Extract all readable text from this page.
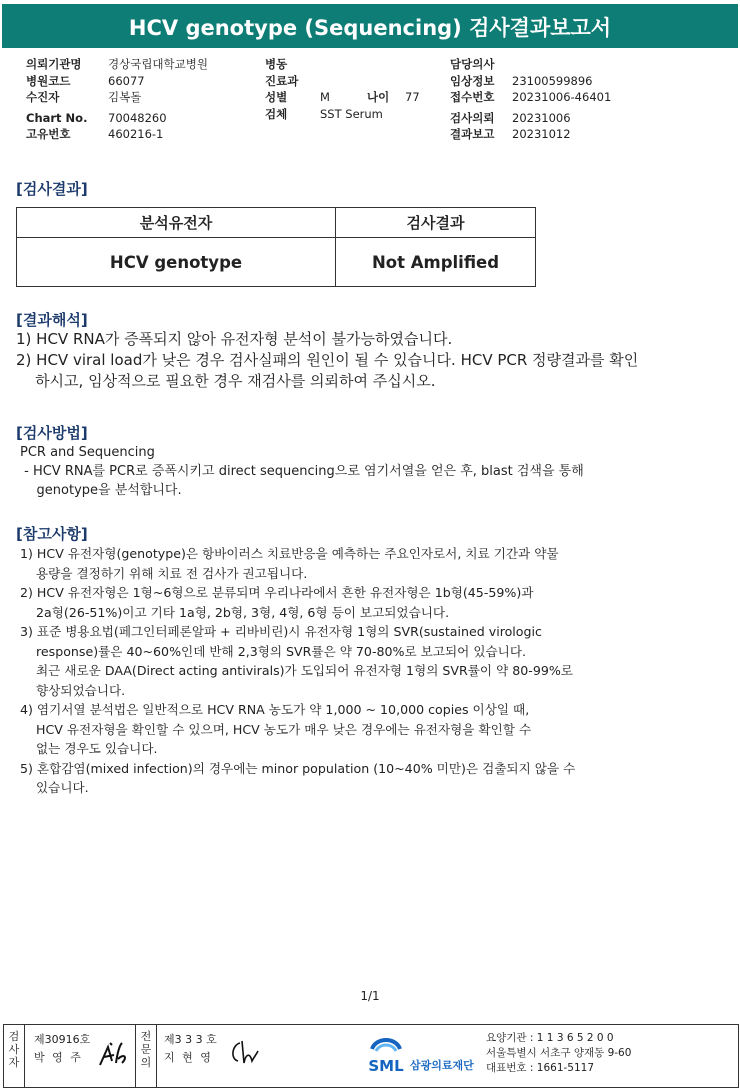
HCV genotype (Sequencing) 검사결과보고서
의뢰기관명 경상국립대학교병원
병원코드	66077
수진자	김복돌
Chart No. 70048260
고유번호	460216-1
병동
진료과
성별	M	나이 77
검체	SST Serum
담당의사
임상정보 23100599896
접수번호 20231006-46401
검사의뢰 20231006
결과보고 20231012
[검사결과]
분석유전자	검사결과
HCV genotype	Not Amplified
[결과해석]
1) HCV RNA가 증폭되지 않아 유전자형 분석이 불가능하였습니다.
2) HCV viral load가 낮은 경우 검사실패의 원인이 될 수 있습니다. HCV PCR 정량결과를 확인
하시고, 임상적으로 필요한 경우 재검사를 의뢰하여 주십시오.
[검사방법]
PCR and Sequencing
- HCV RNA를 PCR로 증폭시키고 direct sequencing으로 염기서열을 얻은 후, blast 검색을 통해
genotype을 분석합니다.
[참고사항]
1) HCV 유전자형(genotype)은 항바이러스 치료반응을 예측하는 주요인자로서, 치료 기간과 약물
용량을 결정하기 위해 치료 전 검사가 권고됩니다.
2) HCV 유전자형은 1형~6형으로 분류되며 우리나라에서 흔한 유전자형은 1b형(45-59%)과
2a형(26-51%)이고 기타 1a형, 2b형, 3형, 4형, 6형 등이 보고되었습니다.
3) 표준 병용요법(페그인터페론알파 + 리바비린)시 유전자형 1형의 SVR(sustained virologic
response)률은 40~60%인데 반해 2,3형의 SVR률은 약 70-80%로 보고되어 있습니다.
최근 새로운 DAA(Direct acting antivirals)가 도입되어 유전자형 1형의 SVR률이 약 80-99%로
향상되었습니다.
4) 염기서열 분석법은 일반적으로 HCV RNA 농도가 약 1,000 ~ 10,000 copies 이상일 때,
HCV 유전자형을 확인할 수 있으며, HCV 농도가 매우 낮은 경우에는 유전자형을 확인할 수
없는 경우도 있습니다.
5) 혼합감염(mixed infection)의 경우에는 minor population (10~40% 미만)은 검출되지 않을 수
있습니다.
1/1
검사자
제30916호
박 영 주
전문의
제3 3 3 호
지 현 영	SML 삼광의료재단
요양기관 : 1 1 3 6 5 2 0 0
서울특별시 서초구 양재동 9-60
대표번호 : 1661-5117
